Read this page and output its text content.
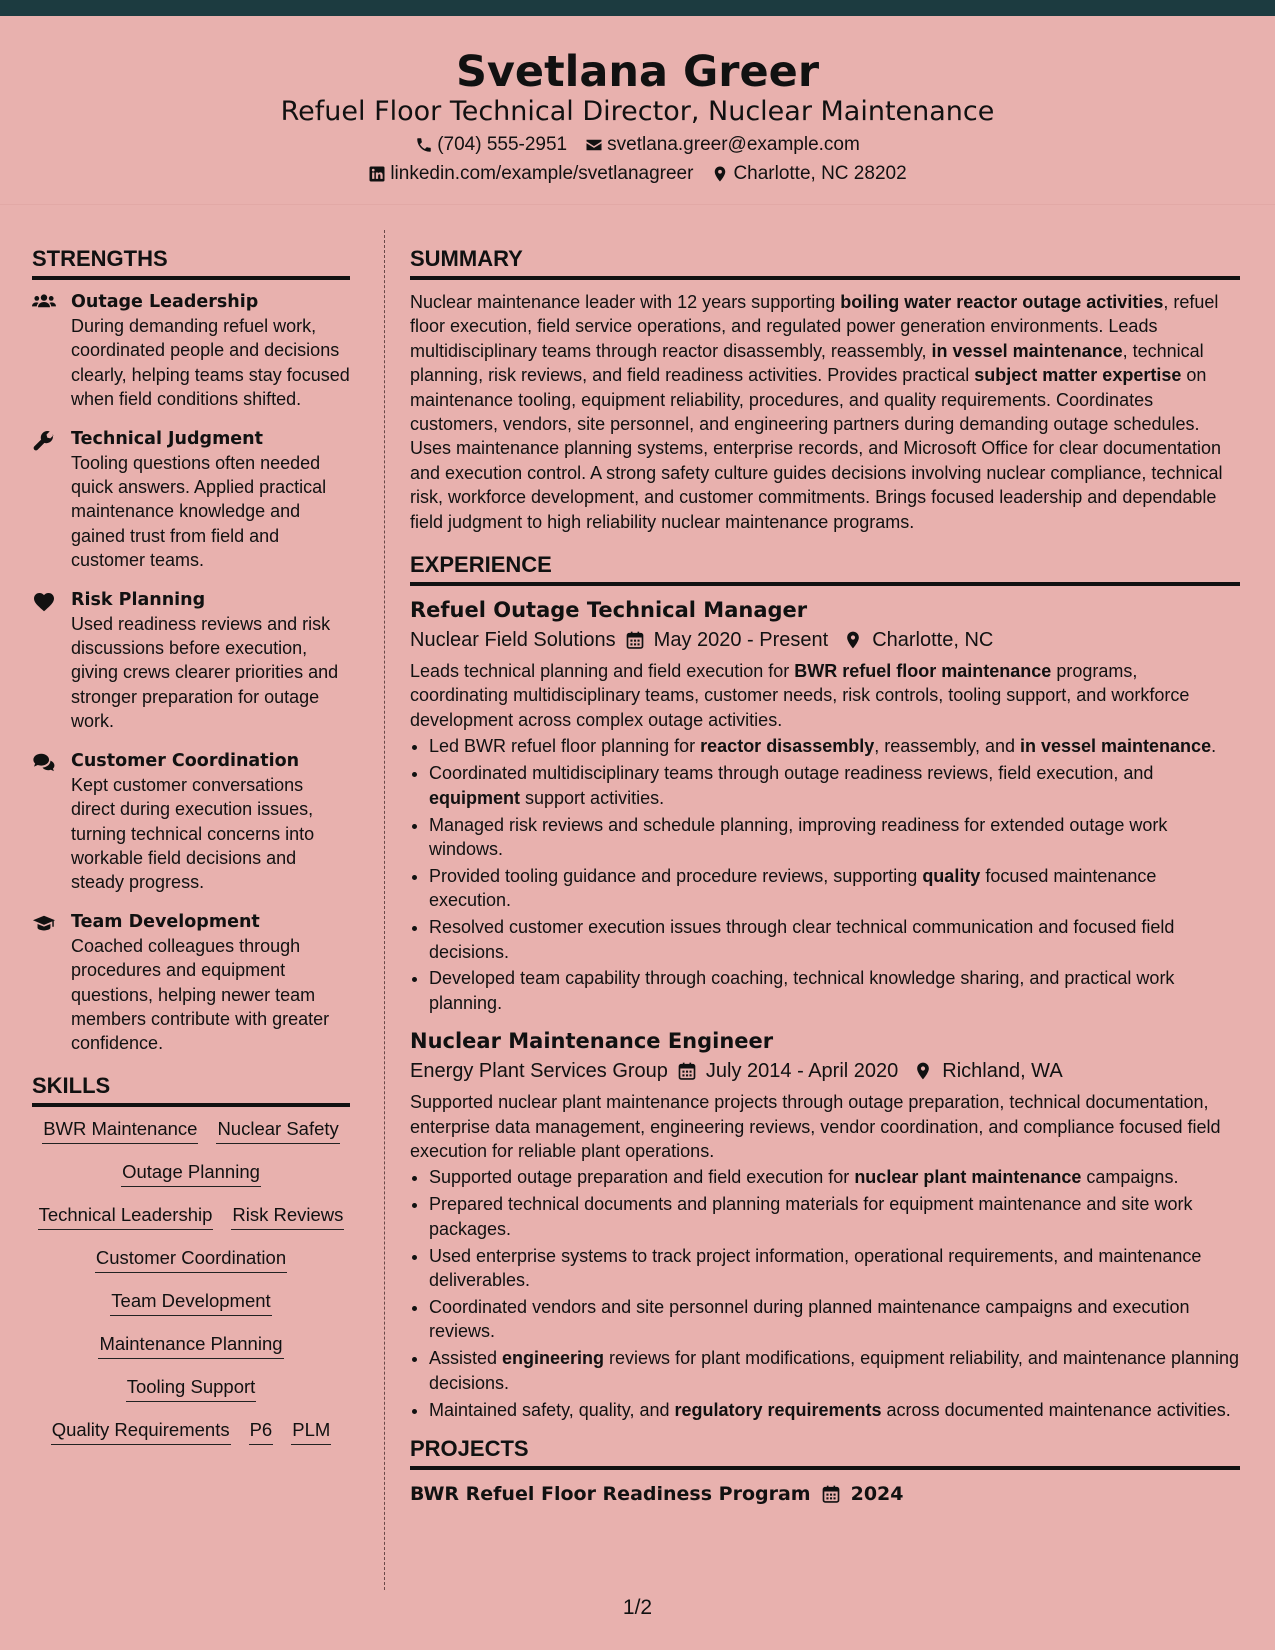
Svetlana Greer
Refuel Floor Technical Director, Nuclear Maintenance
(704) 555-2951 svetlana.greer@example.com
linkedin.com/example/svetlanagreer Charlotte, NC 28202
STRENGTHS
Outage Leadership
During demanding refuel work, coordinated people and decisions clearly, helping teams stay focused when field conditions shifted.
Technical Judgment
Tooling questions often needed quick answers. Applied practical maintenance knowledge and gained trust from field and customer teams.
Risk Planning
Used readiness reviews and risk discussions before execution, giving crews clearer priorities and stronger preparation for outage work.
Customer Coordination
Kept customer conversations direct during execution issues, turning technical concerns into workable field decisions and steady progress.
Team Development
Coached colleagues through procedures and equipment questions, helping newer team members contribute with greater confidence.
SKILLS
BWR Maintenance Nuclear Safety
Outage Planning
Technical Leadership Risk Reviews
Customer Coordination
Team Development
Maintenance Planning
Tooling Support
Quality Requirements P6 PLM
SUMMARY
Nuclear maintenance leader with 12 years supporting boiling water reactor outage activities, refuel floor execution, field service operations, and regulated power generation environments. Leads multidisciplinary teams through reactor disassembly, reassembly, in vessel maintenance, technical planning, risk reviews, and field readiness activities. Provides practical subject matter expertise on maintenance tooling, equipment reliability, procedures, and quality requirements. Coordinates customers, vendors, site personnel, and engineering partners during demanding outage schedules. Uses maintenance planning systems, enterprise records, and Microsoft Office for clear documentation and execution control. A strong safety culture guides decisions involving nuclear compliance, technical risk, workforce development, and customer commitments. Brings focused leadership and dependable field judgment to high reliability nuclear maintenance programs.
EXPERIENCE
Refuel Outage Technical Manager
Nuclear Field Solutions May 2020 - Present Charlotte, NC
Leads technical planning and field execution for BWR refuel floor maintenance programs, coordinating multidisciplinary teams, customer needs, risk controls, tooling support, and workforce development across complex outage activities.
• Led BWR refuel floor planning for reactor disassembly, reassembly, and in vessel maintenance.
• Coordinated multidisciplinary teams through outage readiness reviews, field execution, and equipment support activities.
• Managed risk reviews and schedule planning, improving readiness for extended outage work windows.
• Provided tooling guidance and procedure reviews, supporting quality focused maintenance execution.
• Resolved customer execution issues through clear technical communication and focused field decisions.
• Developed team capability through coaching, technical knowledge sharing, and practical work planning.
Nuclear Maintenance Engineer
Energy Plant Services Group July 2014 - April 2020 Richland, WA
Supported nuclear plant maintenance projects through outage preparation, technical documentation, enterprise data management, engineering reviews, vendor coordination, and compliance focused field execution for reliable plant operations.
• Supported outage preparation and field execution for nuclear plant maintenance campaigns.
• Prepared technical documents and planning materials for equipment maintenance and site work packages.
• Used enterprise systems to track project information, operational requirements, and maintenance deliverables.
• Coordinated vendors and site personnel during planned maintenance campaigns and execution reviews.
• Assisted engineering reviews for plant modifications, equipment reliability, and maintenance planning decisions.
• Maintained safety, quality, and regulatory requirements across documented maintenance activities.
PROJECTS
BWR Refuel Floor Readiness Program 2024
1/2
